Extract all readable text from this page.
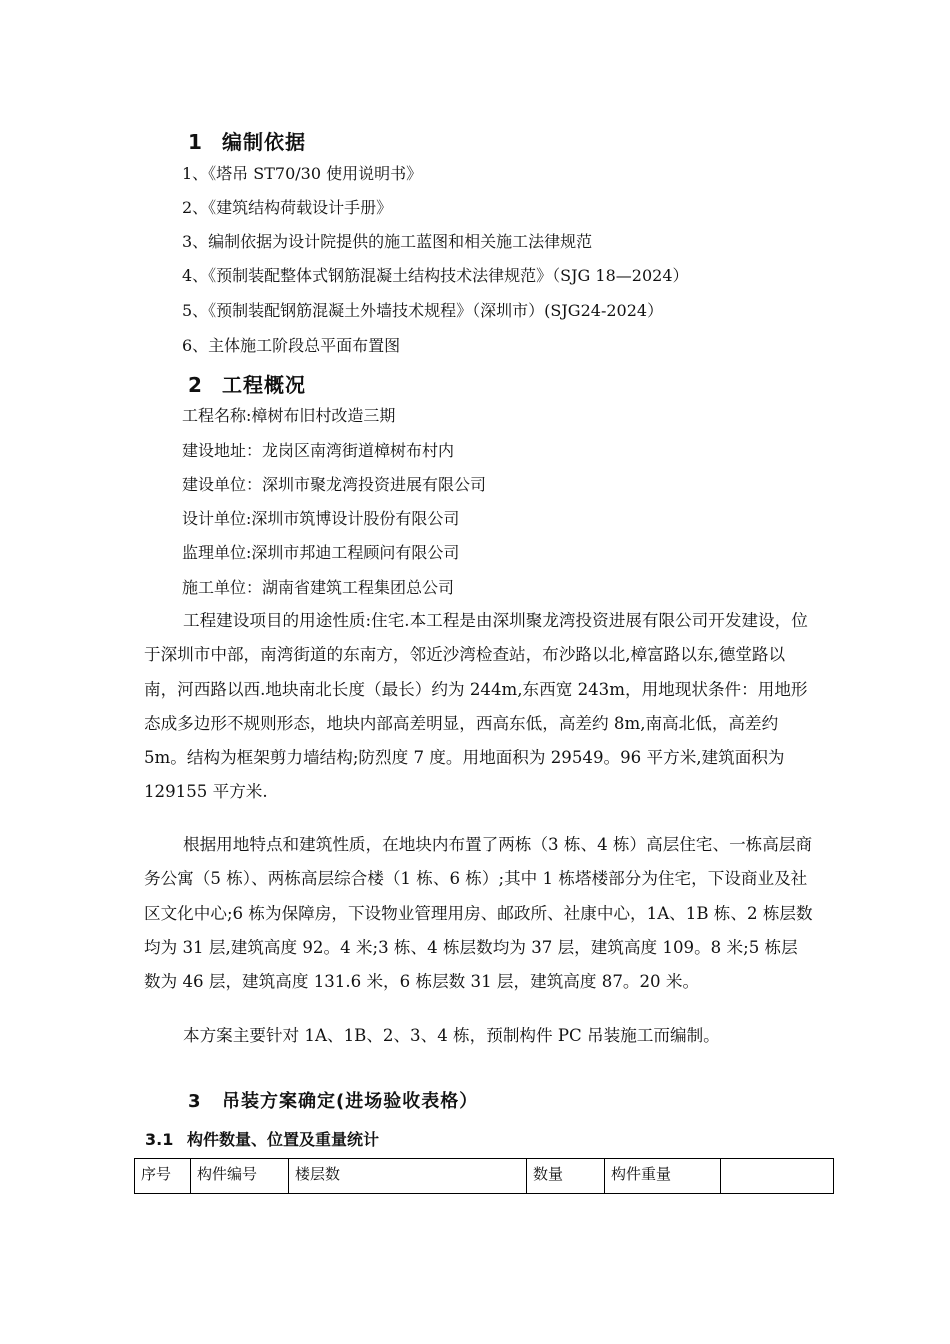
1 编制依据
1、《塔吊 ST70/30 使用说明书》
2、《建筑结构荷载设计手册》
3、编制依据为设计院提供的施工蓝图和相关施工法律规范
4、《预制装配整体式钢筋混凝土结构技术法律规范》（SJG 18—2024）
5、《预制装配钢筋混凝土外墙技术规程》（深圳市）(SJG24-2024）
6、主体施工阶段总平面布置图
2 工程概况
工程名称:樟树布旧村改造三期
建设地址：龙岗区南湾街道樟树布村内
建设单位：深圳市聚龙湾投资进展有限公司
设计单位:深圳市筑博设计股份有限公司
监理单位:深圳市邦迪工程顾问有限公司
施工单位：湖南省建筑工程集团总公司

工程建设项目的用途性质:住宅.本工程是由深圳聚龙湾投资进展有限公司开发建设，位于深圳市中部，南湾街道的东南方，邻近沙湾检查站，布沙路以北,樟富路以东,德堂路以南，河西路以西.地块南北长度（最长）约为 244m,东西宽 243m，用地现状条件：用地形态成多边形不规则形态，地块内部高差明显，西高东低，高差约 8m,南高北低，高差约 5m。结构为框架剪力墙结构;防烈度 7 度。用地面积为 29549。96 平方米,建筑面积为 129155 平方米.

根据用地特点和建筑性质，在地块内布置了两栋（3 栋、4 栋）高层住宅、一栋高层商务公寓（5 栋）、两栋高层综合楼（1 栋、6 栋）;其中 1 栋塔楼部分为住宅，下设商业及社区文化中心;6 栋为保障房，下设物业管理用房、邮政所、社康中心，1A、1B 栋、2 栋层数均为 31 层,建筑高度 92。4 米;3 栋、4 栋层数均为 37 层，建筑高度 109。8 米;5 栋层数为 46 层，建筑高度 131.6 米，6 栋层数 31 层，建筑高度 87。20 米。

本方案主要针对 1A、1B、2、3、4 栋，预制构件 PC 吊装施工而编制。

3 吊装方案确定(进场验收表格）
3.1 构件数量、位置及重量统计
序号	构件编号	楼层数	数量	构件重量	
